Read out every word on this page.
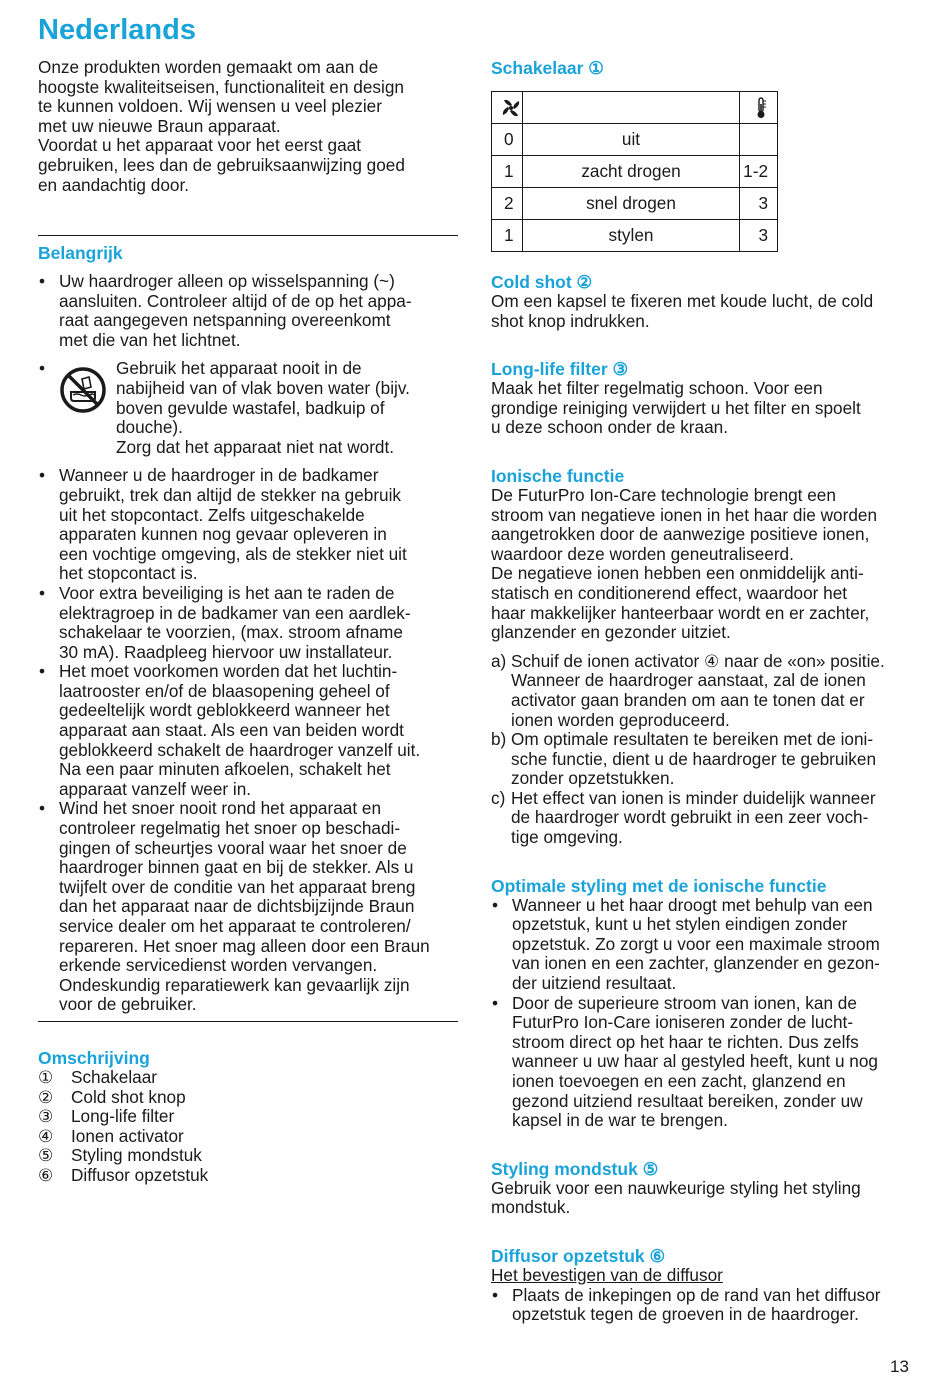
Nederlands
Onze produkten worden gemaakt om aan de
hoogste kwaliteitseisen, functionaliteit en design
te kunnen voldoen. Wij wensen u veel plezier
met uw nieuwe Braun apparaat.
Voordat u het apparaat voor het eerst gaat
gebruiken, lees dan de gebruiksaanwijzing goed
en aandachtig door.
Belangrijk
• Uw haardroger alleen op wisselspanning (~)
aansluiten. Controleer altijd of de op het appa-
raat aangegeven netspanning overeenkomt
met die van het lichtnet.
•	Gebruik het apparaat nooit in de
nabijheid van of vlak boven water (bijv.
boven gevulde wastafel, badkuip of
douche).
Zorg dat het apparaat niet nat wordt.
• Wanneer u de haardroger in de badkamer
gebruikt, trek dan altijd de stekker na gebruik
uit het stopcontact. Zelfs uitgeschakelde
apparaten kunnen nog gevaar opleveren in
een vochtige omgeving, als de stekker niet uit
het stopcontact is.
• Voor extra beveiliging is het aan te raden de
elektragroep in de badkamer van een aardlek-
schakelaar te voorzien, (max. stroom afname
30 mA). Raadpleeg hiervoor uw installateur.
• Het moet voorkomen worden dat het luchtin-
laatrooster en/of de blaasopening geheel of
gedeeltelijk wordt geblokkeerd wanneer het
apparaat aan staat. Als een van beiden wordt
geblokkeerd schakelt de haardroger vanzelf uit.
Na een paar minuten afkoelen, schakelt het
apparaat vanzelf weer in.
• Wind het snoer nooit rond het apparaat en
controleer regelmatig het snoer op beschadi-
gingen of scheurtjes vooral waar het snoer de
haardroger binnen gaat en bij de stekker. Als u
twijfelt over de conditie van het apparaat breng
dan het apparaat naar de dichtsbijzijnde Braun
service dealer om het apparaat te controleren/
repareren. Het snoer mag alleen door een Braun
erkende servicedienst worden vervangen.
Ondeskundig reparatiewerk kan gevaarlijk zijn
voor de gebruiker.
Omschrijving
① Schakelaar
② Cold shot knop
③ Long-life filter
④ Ionen activator
⑤ Styling mondstuk
⑥ Diffusor opzetstuk
Schakelaar ①

0	uit	
1	zacht drogen	1-2
2	snel drogen	3
1	stylen	3
Cold shot ②
Om een kapsel te fixeren met koude lucht, de cold
shot knop indrukken.
Long-life filter ③
Maak het filter regelmatig schoon. Voor een
grondige reiniging verwijdert u het filter en spoelt
u deze schoon onder de kraan.
Ionische functie
De FuturPro Ion-Care technologie brengt een
stroom van negatieve ionen in het haar die worden
aangetrokken door de aanwezige positieve ionen,
waardoor deze worden geneutraliseerd.
De negatieve ionen hebben een onmiddelijk anti-
statisch en conditionerend effect, waardoor het
haar makkelijker hanteerbaar wordt en er zachter,
glanzender en gezonder uitziet.
a) Schuif de ionen activator ④ naar de «on» positie.
Wanneer de haardroger aanstaat, zal de ionen
activator gaan branden om aan te tonen dat er
ionen worden geproduceerd.
b) Om optimale resultaten te bereiken met de ioni-
sche functie, dient u de haardroger te gebruiken
zonder opzetstukken.
c) Het effect van ionen is minder duidelijk wanneer
de haardroger wordt gebruikt in een zeer voch-
tige omgeving.
Optimale styling met de ionische functie
• Wanneer u het haar droogt met behulp van een
opzetstuk, kunt u het stylen eindigen zonder
opzetstuk. Zo zorgt u voor een maximale stroom
van ionen en een zachter, glanzender en gezon-
der uitziend resultaat.
• Door de superieure stroom van ionen, kan de
FuturPro Ion-Care ioniseren zonder de lucht-
stroom direct op het haar te richten. Dus zelfs
wanneer u uw haar al gestyled heeft, kunt u nog
ionen toevoegen en een zacht, glanzend en
gezond uitziend resultaat bereiken, zonder uw
kapsel in de war te brengen.
Styling mondstuk ⑤
Gebruik voor een nauwkeurige styling het styling
mondstuk.
Diffusor opzetstuk ⑥
Het bevestigen van de diffusor
• Plaats de inkepingen op de rand van het diffusor
opzetstuk tegen de groeven in de haardroger.
13
